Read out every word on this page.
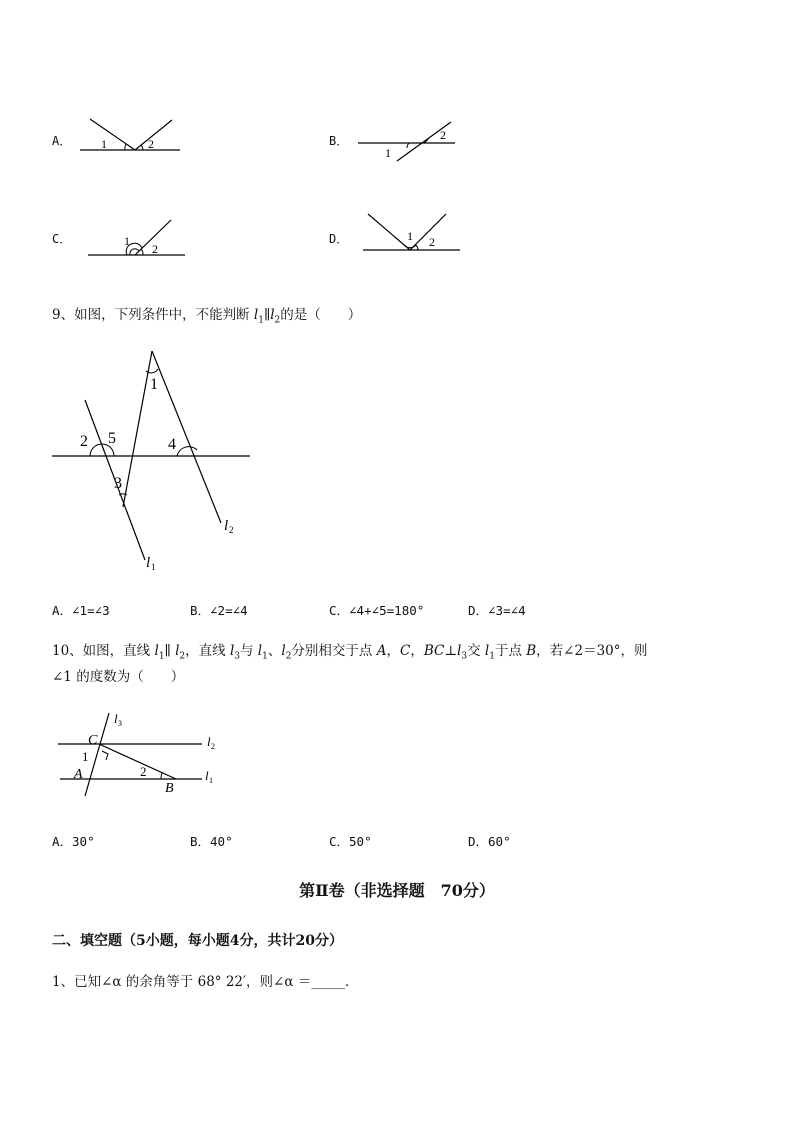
A． 1	2	B．	2
1
C．	1
2
D．	1 2
9、如图，下列条件中，不能判断 $l_1\parallel l_2$的是（　　）
1
2 5	4
3
l 1
l 2
A．∠1=∠3	B．∠2=∠4	C．∠4+∠5=180°	D．∠3=∠4
10、如图，直线 $l_1\parallel$ $l_2$，直线 $l_3$与 $l_1$、$l_2$分别相交于点 A，C，$BC\perp l_3$交 $l_1$于点 B，若∠2＝30°，则
∠1 的度数为（　　）
l 3
l 2
l 1
C
1
A	2
B
A．30°	B．40°	C．50°	D．60°
第Ⅱ卷（非选择题　70分）
二、填空题（5小题，每小题4分，共计20分）
1、已知∠α 的余角等于 68° 22′，则∠α ＝_____．
